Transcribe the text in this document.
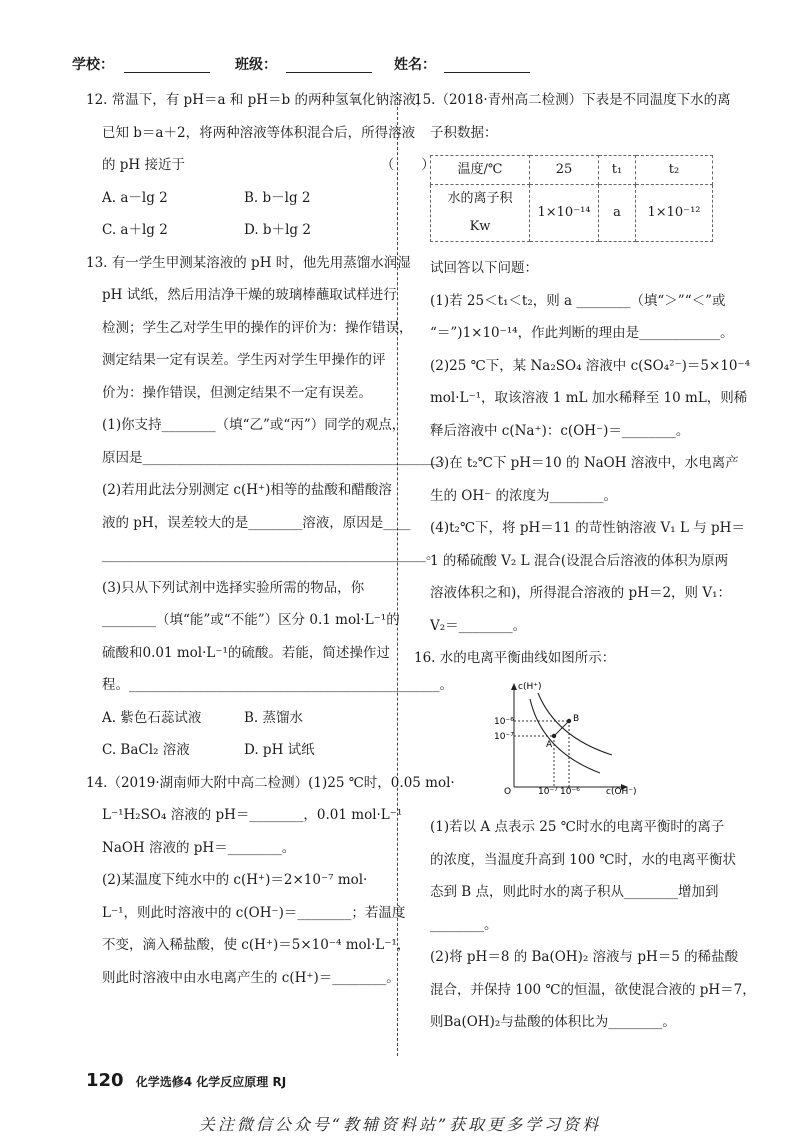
学校：	班级：	姓名：

12. 常温下，有 pH＝a 和 pH＝b 的两种氢氧化钠溶液，

已知 b＝a＋2，将两种溶液等体积混合后，所得溶液

的 pH 接近于　　　　　　　　　　　　　　　（　　）

A. a－lg 2	B. b－lg 2
C. a＋lg 2	D. b＋lg 2

13. 有一学生甲测某溶液的 pH 时，他先用蒸馏水润湿

pH 试纸，然后用洁净干燥的玻璃棒蘸取试样进行

检测；学生乙对学生甲的操作的评价为：操作错误，

测定结果一定有误差。学生丙对学生甲操作的评

价为：操作错误，但测定结果不一定有误差。

(1)你支持________（填“乙”或“丙”）同学的观点，

原因是____________________________________________。

(2)若用此法分别测定 c(H⁺)相等的盐酸和醋酸溶

液的 pH，误差较大的是________溶液，原因是____

________________________________________________。

(3)只从下列试剂中选择实验所需的物品，你

________（填“能”或“不能”）区分 0.1 mol·L⁻¹的

硫酸和0.01 mol·L⁻¹的硫酸。若能，简述操作过

程。______________________________________________。

A. 紫色石蕊试液	B. 蒸馏水
C. BaCl₂ 溶液	D. pH 试纸

14.（2019·湖南师大附中高二检测）(1)25 ℃时，0.05 mol·

L⁻¹H₂SO₄ 溶液的 pH＝________，0.01 mol·L⁻¹

NaOH 溶液的 pH＝________。

(2)某温度下纯水中的 c(H⁺)＝2×10⁻⁷ mol·

L⁻¹，则此时溶液中的 c(OH⁻)＝________；若温度

不变，滴入稀盐酸，使 c(H⁺)＝5×10⁻⁴ mol·L⁻¹，

则此时溶液中由水电离产生的 c(H⁺)＝________。

15.（2018·青州高二检测）下表是不同温度下水的离

子积数据：

温度/℃	25	t₁	t₂
水的离子积 Kw	1×10⁻¹⁴	a	1×10⁻¹²

试回答以下问题：

(1)若 25＜t₁＜t₂，则 a ________（填“＞”“＜”或

“＝”)1×10⁻¹⁴，作此判断的理由是____________。

(2)25 ℃下，某 Na₂SO₄ 溶液中 c(SO₄²⁻)＝5×10⁻⁴

mol·L⁻¹，取该溶液 1 mL 加水稀释至 10 mL，则稀

释后溶液中 c(Na⁺)：c(OH⁻)＝________。

(3)在 t₂℃下 pH＝10 的 NaOH 溶液中，水电离产

生的 OH⁻ 的浓度为________。

(4)t₂℃下，将 pH＝11 的苛性钠溶液 V₁ L 与 pH＝

1 的稀硫酸 V₂ L 混合(设混合后溶液的体积为原两

溶液体积之和)，所得混合溶液的 pH＝2，则 V₁：

V₂＝________。

16. 水的电离平衡曲线如图所示：

c(H⁺)
c(OH⁻)
O
10⁻⁶
10⁻⁷
10⁻⁷ 10⁻⁶
A
B

(1)若以 A 点表示 25 ℃时水的电离平衡时的离子

的浓度，当温度升高到 100 ℃时，水的电离平衡状

态到 B 点，则此时水的离子积从________增加到

________。

(2)将 pH＝8 的 Ba(OH)₂ 溶液与 pH＝5 的稀盐酸

混合，并保持 100 ℃的恒温，欲使混合液的 pH＝7，

则Ba(OH)₂与盐酸的体积比为________。

120 化学选修4 化学反应原理 RJ
关注微信公众号“教辅资料站”获取更多学习资料
